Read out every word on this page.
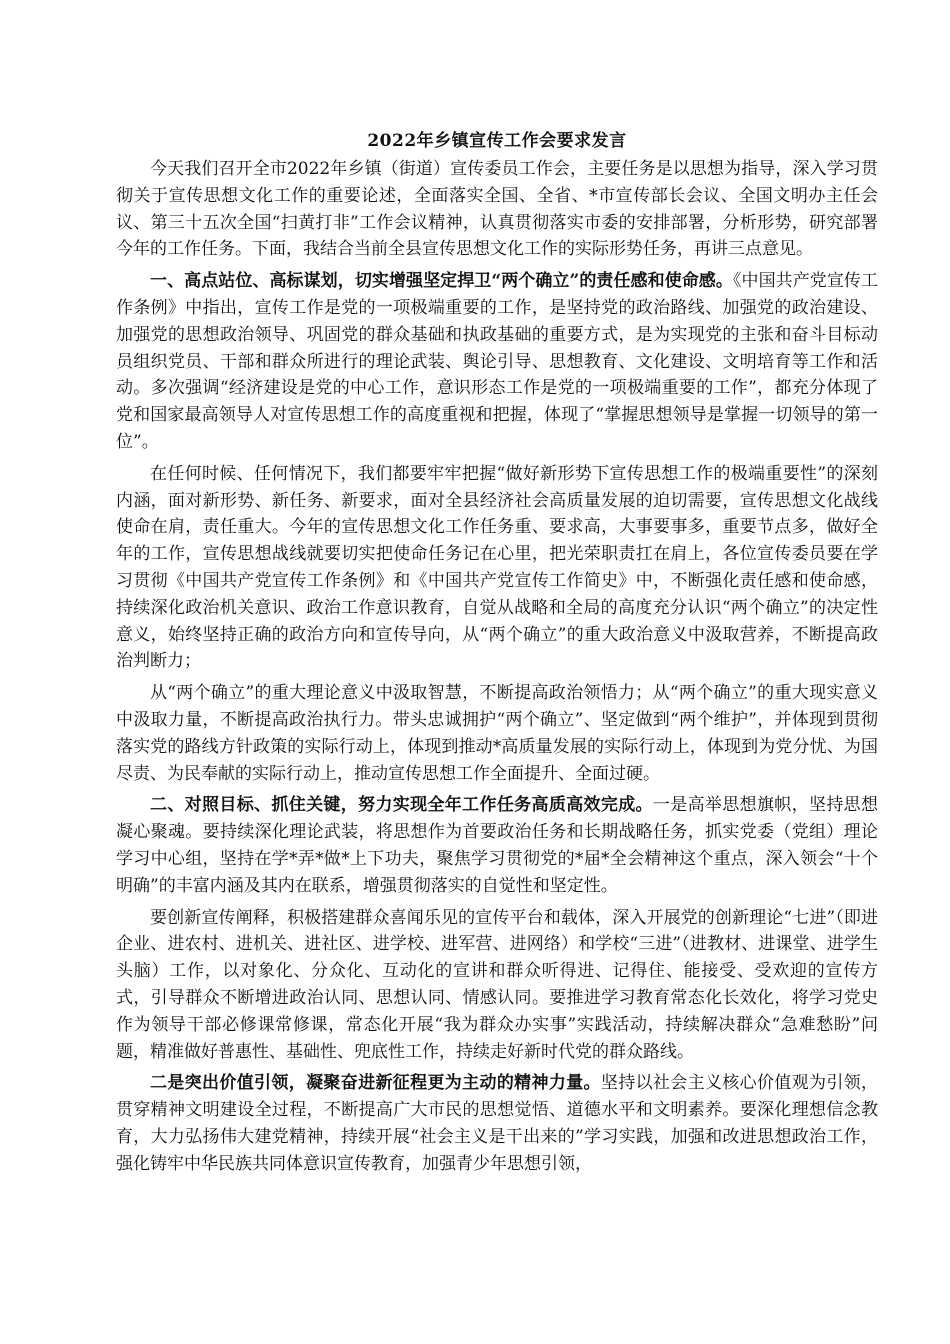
2022年乡镇宣传工作会要求发言

今天我们召开全市2022年乡镇（街道）宣传委员工作会，主要任务是以思想为指导，深入学习贯彻关于宣传思想文化工作的重要论述，全面落实全国、全省、*市宣传部长会议、全国文明办主任会议、第三十五次全国“扫黄打非”工作会议精神，认真贯彻落实市委的安排部署，分析形势，研究部署今年的工作任务。下面，我结合当前全县宣传思想文化工作的实际形势任务，再讲三点意见。

一、高点站位、高标谋划，切实增强坚定捍卫“两个确立”的责任感和使命感。《中国共产党宣传工作条例》中指出，宣传工作是党的一项极端重要的工作，是坚持党的政治路线、加强党的政治建设、加强党的思想政治领导、巩固党的群众基础和执政基础的重要方式，是为实现党的主张和奋斗目标动员组织党员、干部和群众所进行的理论武装、舆论引导、思想教育、文化建设、文明培育等工作和活动。多次强调“经济建设是党的中心工作，意识形态工作是党的一项极端重要的工作”，都充分体现了党和国家最高领导人对宣传思想工作的高度重视和把握，体现了“掌握思想领导是掌握一切领导的第一位”。

在任何时候、任何情况下，我们都要牢牢把握“做好新形势下宣传思想工作的极端重要性”的深刻内涵，面对新形势、新任务、新要求，面对全县经济社会高质量发展的迫切需要，宣传思想文化战线使命在肩，责任重大。今年的宣传思想文化工作任务重、要求高，大事要事多，重要节点多，做好全年的工作，宣传思想战线就要切实把使命任务记在心里，把光荣职责扛在肩上，各位宣传委员要在学习贯彻《中国共产党宣传工作条例》和《中国共产党宣传工作简史》中，不断强化责任感和使命感，持续深化政治机关意识、政治工作意识教育，自觉从战略和全局的高度充分认识“两个确立”的决定性意义，始终坚持正确的政治方向和宣传导向，从“两个确立”的重大政治意义中汲取营养，不断提高政治判断力；

从“两个确立”的重大理论意义中汲取智慧，不断提高政治领悟力；从“两个确立”的重大现实意义中汲取力量，不断提高政治执行力。带头忠诚拥护“两个确立”、坚定做到“两个维护”，并体现到贯彻落实党的路线方针政策的实际行动上，体现到推动*高质量发展的实际行动上，体现到为党分忧、为国尽责、为民奉献的实际行动上，推动宣传思想工作全面提升、全面过硬。

二、对照目标、抓住关键，努力实现全年工作任务高质高效完成。一是高举思想旗帜，坚持思想凝心聚魂。要持续深化理论武装，将思想作为首要政治任务和长期战略任务，抓实党委（党组）理论学习中心组，坚持在学*弄*做*上下功夫，聚焦学习贯彻党的*届*全会精神这个重点，深入领会“十个明确”的丰富内涵及其内在联系，增强贯彻落实的自觉性和坚定性。

要创新宣传阐释，积极搭建群众喜闻乐见的宣传平台和载体，深入开展党的创新理论“七进”（即进企业、进农村、进机关、进社区、进学校、进军营、进网络）和学校“三进”（进教材、进课堂、进学生头脑）工作，以对象化、分众化、互动化的宣讲和群众听得进、记得住、能接受、受欢迎的宣传方式，引导群众不断增进政治认同、思想认同、情感认同。要推进学习教育常态化长效化，将学习党史作为领导干部必修课常修课，常态化开展“我为群众办实事”实践活动，持续解决群众“急难愁盼”问题，精准做好普惠性、基础性、兜底性工作，持续走好新时代党的群众路线。

二是突出价值引领，凝聚奋进新征程更为主动的精神力量。坚持以社会主义核心价值观为引领，贯穿精神文明建设全过程，不断提高广大市民的思想觉悟、道德水平和文明素养。要深化理想信念教育，大力弘扬伟大建党精神，持续开展“社会主义是干出来的”学习实践，加强和改进思想政治工作，强化铸牢中华民族共同体意识宣传教育，加强青少年思想引领，
